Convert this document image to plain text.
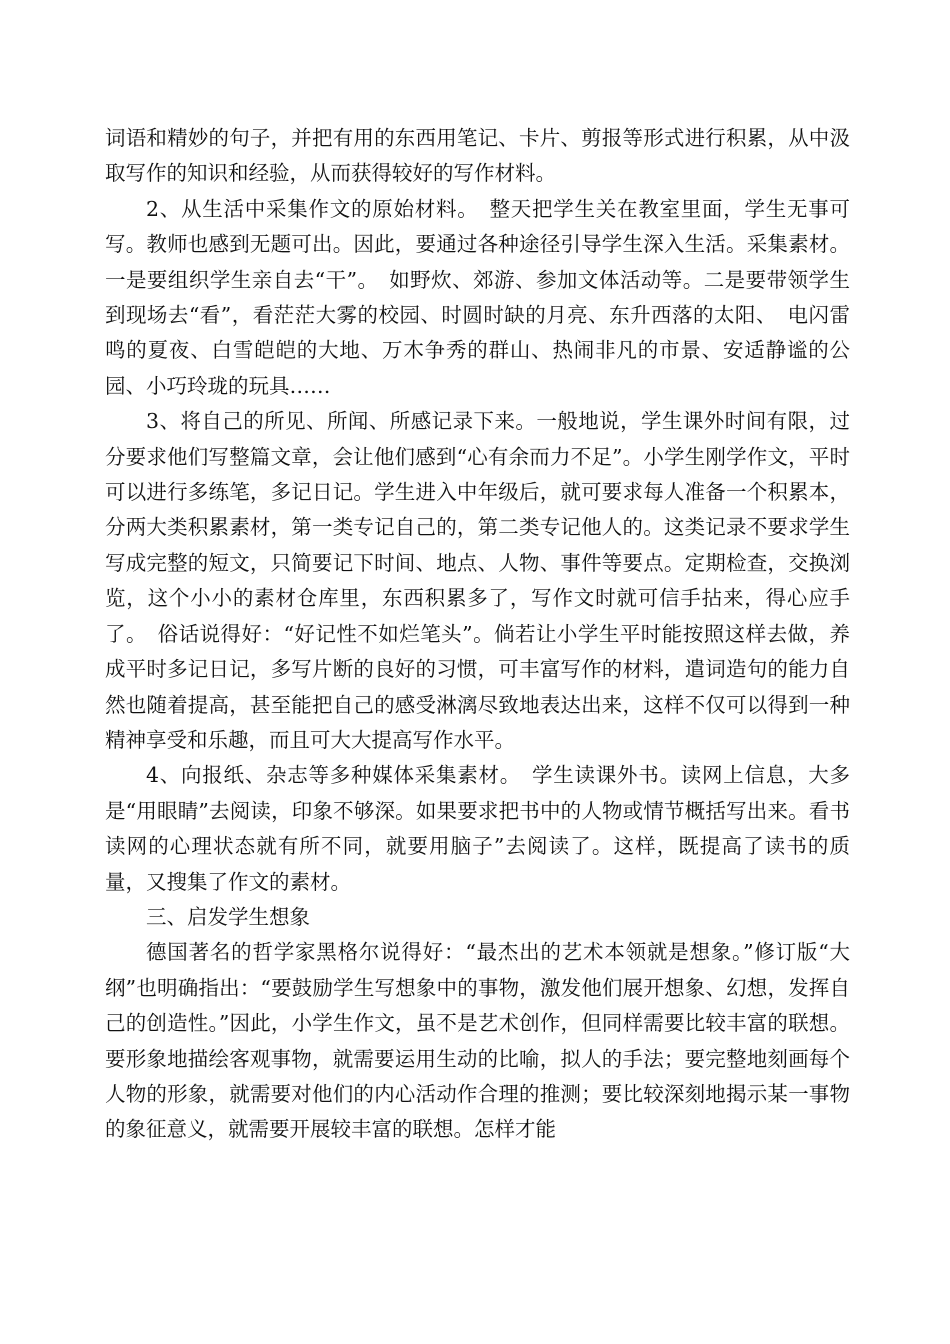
词语和精妙的句子，并把有用的东西用笔记、卡片、剪报等形式进行积累，从中汲取写作的知识和经验，从而获得较好的写作材料。

2、从生活中采集作文的原始材料。　整天把学生关在教室里面，学生无事可写。教师也感到无题可出。因此，要通过各种途径引导学生深入生活。采集素材。一是要组织学生亲自去“干”。　如野炊、郊游、参加文体活动等。二是要带领学生到现场去“看”，看茫茫大雾的校园、时圆时缺的月亮、东升西落的太阳、　电闪雷鸣的夏夜、白雪皑皑的大地、万木争秀的群山、热闹非凡的市景、安适静谧的公园、小巧玲珑的玩具……

3、将自己的所见、所闻、所感记录下来。一般地说，学生课外时间有限，过分要求他们写整篇文章，会让他们感到“心有余而力不足”。小学生刚学作文，平时可以进行多练笔，多记日记。学生进入中年级后，就可要求每人准备一个积累本，分两大类积累素材，第一类专记自己的，第二类专记他人的。这类记录不要求学生写成完整的短文，只简要记下时间、地点、人物、事件等要点。定期检查，交换浏览，这个小小的素材仓库里，东西积累多了，写作文时就可信手拈来，得心应手了。　俗话说得好：“好记性不如烂笔头”。倘若让小学生平时能按照这样去做，养成平时多记日记，多写片断的良好的习惯，可丰富写作的材料，遣词造句的能力自然也随着提高，甚至能把自己的感受淋漓尽致地表达出来，这样不仅可以得到一种精神享受和乐趣，而且可大大提高写作水平。

4、向报纸、杂志等多种媒体采集素材。　学生读课外书。读网上信息，大多是“用眼睛”去阅读，印象不够深。如果要求把书中的人物或情节概括写出来。看书读网的心理状态就有所不同，就要用脑子”去阅读了。这样，既提高了读书的质量，又搜集了作文的素材。

三、启发学生想象

德国著名的哲学家黑格尔说得好：“最杰出的艺术本领就是想象。”修订版“大纲”也明确指出：“要鼓励学生写想象中的事物，激发他们展开想象、幻想，发挥自己的创造性。”因此，小学生作文，虽不是艺术创作，但同样需要比较丰富的联想。要形象地描绘客观事物，就需要运用生动的比喻，拟人的手法；要完整地刻画每个人物的形象，就需要对他们的内心活动作合理的推测；要比较深刻地揭示某一事物的象征意义，就需要开展较丰富的联想。怎样才能
